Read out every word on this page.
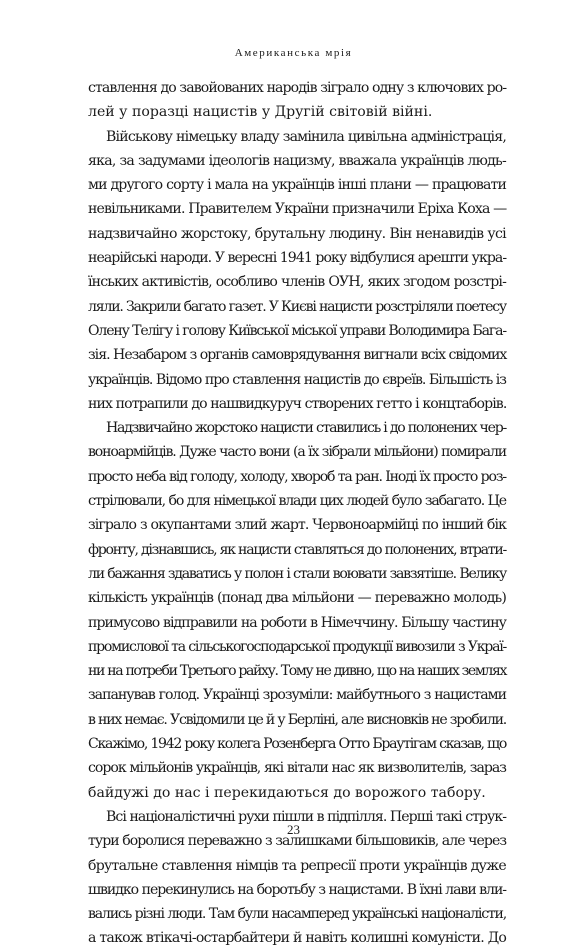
Американська мрія
ставлення до завойованих народів зіграло одну з ключових ро-
лей у поразці нацистів у Другій світовій війні.
Військову німецьку владу замінила цивільна адміністрація,
яка, за задумами ідеологів нацизму, вважала українців людь-
ми другого сорту і мала на українців інші плани — працювати
невільниками. Правителем України призначили Еріха Коха —
надзвичайно жорстоку, брутальну людину. Він ненавидів усі
неарійські народи. У вересні 1941 року відбулися арешти укра-
їнських активістів, особливо членів ОУН, яких згодом розстрі-
ляли. Закрили багато газет. У Києві нацисти розстріляли поетесу
Олену Телігу і голову Київської міської управи Володимира Бага-
зія. Незабаром з органів самоврядування вигнали всіх свідомих
українців. Відомо про ставлення нацистів до євреїв. Більшість із
них потрапили до нашвидкуруч створених гетто і концтаборів.
Надзвичайно жорстоко нацисти ставились і до полонених чер-
воноармійців. Дуже часто вони (а їх зібрали мільйони) помирали
просто неба від голоду, холоду, хвороб та ран. Іноді їх просто роз-
стрілювали, бо для німецької влади цих людей було забагато. Це
зіграло з окупантами злий жарт. Червоноармійці по інший бік
фронту, дізнавшись, як нацисти ставляться до полонених, втрати-
ли бажання здаватись у полон і стали воювати завзятіше. Велику
кількість українців (понад два мільйони — переважно молодь)
примусово відправили на роботи в Німеччину. Більшу частину
промислової та сільськогосподарської продукції вивозили з Украї-
ни на потреби Третього райху. Тому не дивно, що на наших землях
запанував голод. Українці зрозуміли: майбутнього з нацистами
в них немає. Усвідомили це й у Берліні, але висновків не зробили.
Скажімо, 1942 року колега Розенберга Отто Браутігам сказав, що
сорок мільйонів українців, які вітали нас як визволителів, зараз
байдужі до нас і перекидаються до ворожого табору.
Всі націоналістичні рухи пішли в підпілля. Перші такі струк-
тури боролися переважно з залишками більшовиків, але через
брутальне ставлення німців та репресії проти українців дуже
швидко перекинулись на боротьбу з нацистами. В їхні лави вли-
вались різні люди. Там були насамперед українські націоналісти,
а також втікачі-остарбайтери й навіть колишні комуністи. До
23
